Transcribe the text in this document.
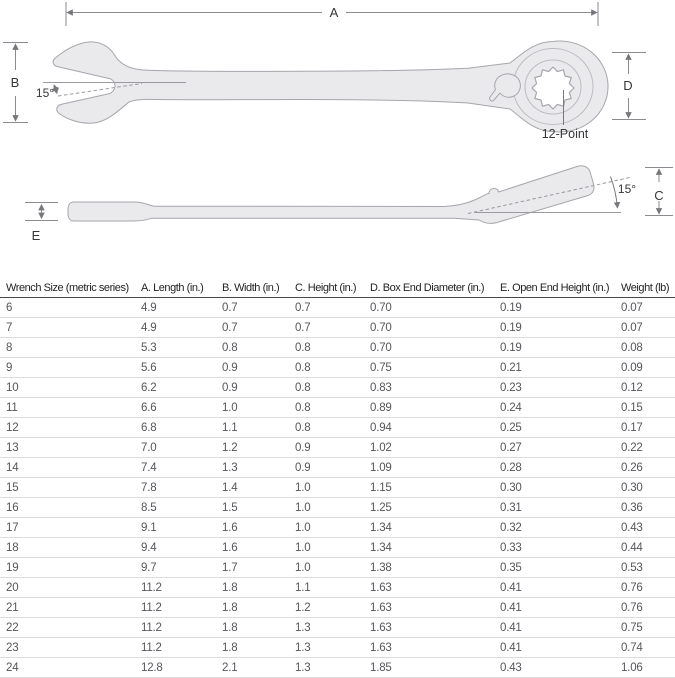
A
B	D
15°
12-Point
15° C
E
Wrench Size (metric series)	A. Length (in.)	B. Width (in.)	C. Height (in.)	D. Box End Diameter (in.)	E. Open End Height (in.)	Weight (lb)
6	4.9	0.7	0.7	0.70	0.19	0.07
7	4.9	0.7	0.7	0.70	0.19	0.07
8	5.3	0.8	0.8	0.70	0.19	0.08
9	5.6	0.9	0.8	0.75	0.21	0.09
10	6.2	0.9	0.8	0.83	0.23	0.12
11	6.6	1.0	0.8	0.89	0.24	0.15
12	6.8	1.1	0.8	0.94	0.25	0.17
13	7.0	1.2	0.9	1.02	0.27	0.22
14	7.4	1.3	0.9	1.09	0.28	0.26
15	7.8	1.4	1.0	1.15	0.30	0.30
16	8.5	1.5	1.0	1.25	0.31	0.36
17	9.1	1.6	1.0	1.34	0.32	0.43
18	9.4	1.6	1.0	1.34	0.33	0.44
19	9.7	1.7	1.0	1.38	0.35	0.53
20	11.2	1.8	1.1	1.63	0.41	0.76
21	11.2	1.8	1.2	1.63	0.41	0.76
22	11.2	1.8	1.3	1.63	0.41	0.75
23	11.2	1.8	1.3	1.63	0.41	0.74
24	12.8	2.1	1.3	1.85	0.43	1.06
